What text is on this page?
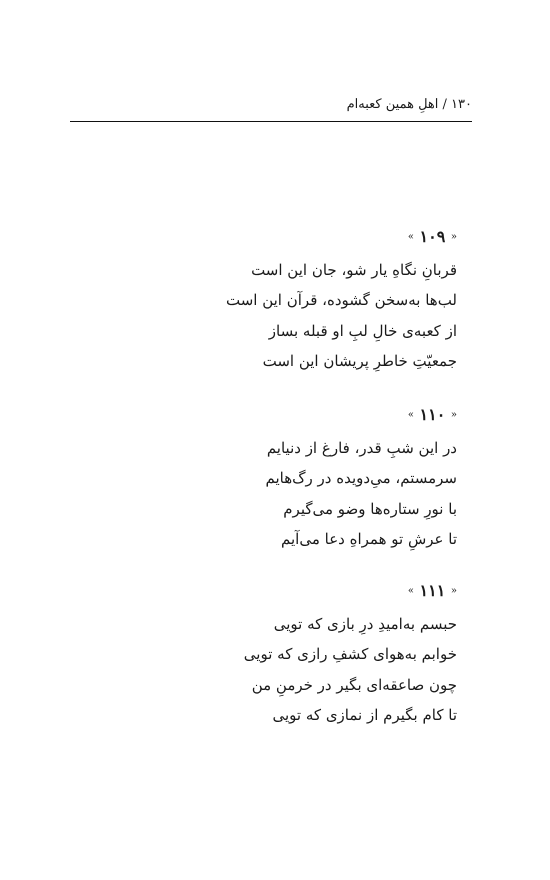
۱۳۰ / اهلِ همین کعبه‌ام
« ۱۰۹ »
قربانِ نگاهِ یار شو، جان این است
لب‌ها به‌سخن گشوده، قرآن این است
از کعبه‌ی خالِ لبِ او قبله بساز
جمعیّتِ خاطرِ پریشان این است
« ۱۱۰ »
در این شبِ قدر، فارغ از دنیایم
سرمستم، میِ‌دویده در رگ‌هایم
با نورِ ستاره‌ها وضو می‌گیرم
تا عرشِ تو همراهِ دعا می‌آیم
« ۱۱۱ »
حبسم به‌امیدِ درِ بازی که تویی
خوابم به‌هوای کشفِ رازی که تویی
چون صاعقه‌ای بگیر در خرمنِ من
تا کام بگیرم از نمازی که تویی
